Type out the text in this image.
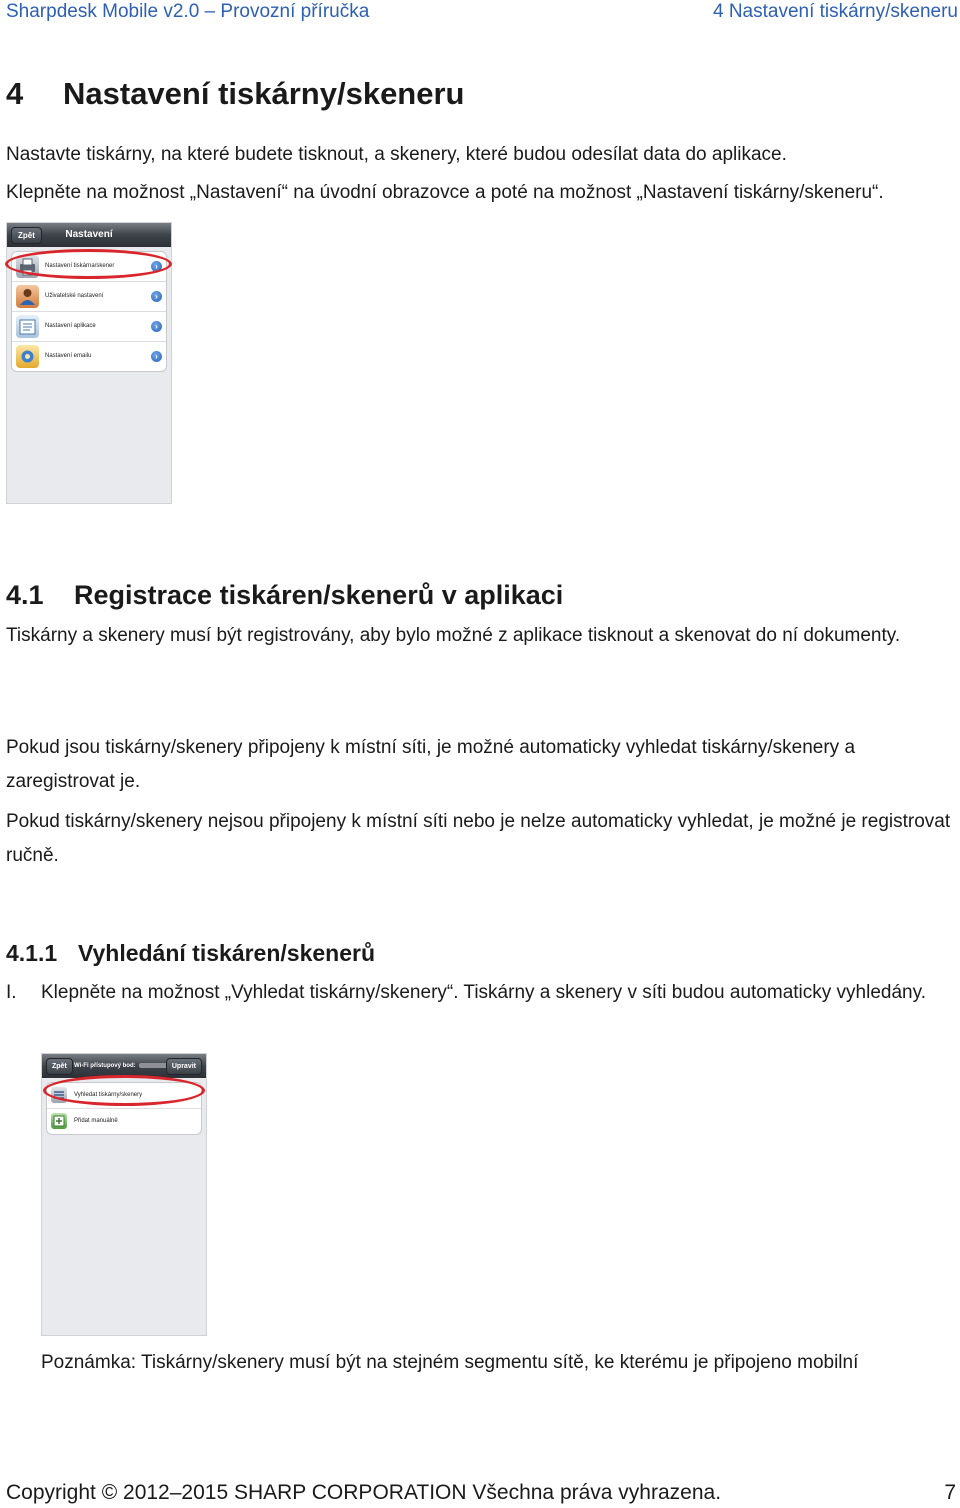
Sharpdesk Mobile v2.0 – Provozní příručka	4 Nastavení tiskárny/skeneru
4 Nastavení tiskárny/skeneru
Nastavte tiskárny, na které budete tisknout, a skenery, které budou odesílat data do aplikace.
Klepněte na možnost „Nastavení“ na úvodní obrazovce a poté na možnost „Nastavení tiskárny/skeneru“.
Zpět	Nastavení
Nastavení tiskárna/skener	›
Uživatelské nastavení	›
Nastavení aplikace	›
Nastavení emailu	›
4.1 Registrace tiskáren/skenerů v aplikaci
Tiskárny a skenery musí být registrovány, aby bylo možné z aplikace tisknout a skenovat do ní dokumenty.
Pokud jsou tiskárny/skenery připojeny k místní síti, je možné automaticky vyhledat tiskárny/skenery a zaregistrovat je.
Pokud tiskárny/skenery nejsou připojeny k místní síti nebo je nelze automaticky vyhledat, je možné je registrovat ručně.
4.1.1 Vyhledání tiskáren/skenerů
I. Klepněte na možnost „Vyhledat tiskárny/skenery“. Tiskárny a skenery v síti budou automaticky vyhledány.
Zpět	Wi-Fi přístupový bod:	Upravit
Vyhledat tiskárny/skenery
Přidat manuálně
Poznámka: Tiskárny/skenery musí být na stejném segmentu sítě, ke kterému je připojeno mobilní
Copyright © 2012–2015 SHARP CORPORATION Všechna práva vyhrazena.	7
